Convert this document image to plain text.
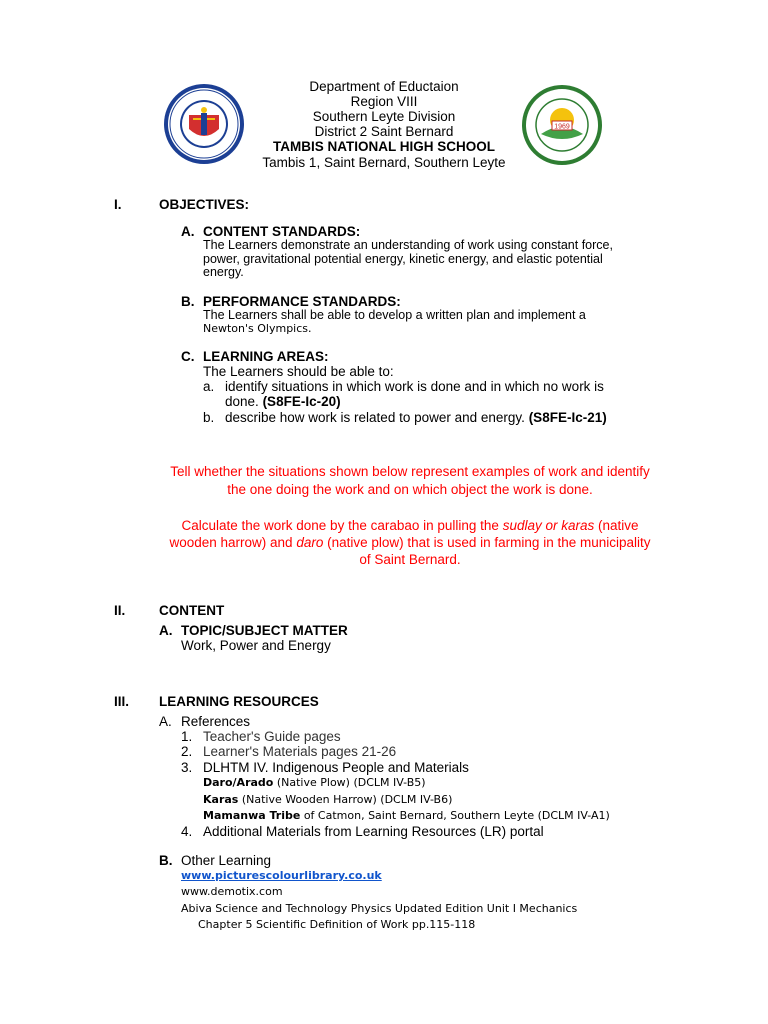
1969
Department of Eductaion
Region VIII
Southern Leyte Division
District 2 Saint Bernard
TAMBIS NATIONAL HIGH SCHOOL
Tambis 1, Saint Bernard, Southern Leyte
I.	OBJECTIVES:
A. CONTENT STANDARDS:
The Learners demonstrate an understanding of work using constant force,
power, gravitational potential energy, kinetic energy, and elastic potential
energy.
B. PERFORMANCE STANDARDS:
The Learners shall be able to develop a written plan and implement a
Newton's Olympics.
C. LEARNING AREAS:
The Learners should be able to:
a. identify situations in which work is done and in which no work is
done. (S8FE-Ic-20)
b. describe how work is related to power and energy. (S8FE-Ic-21)
Tell whether the situations shown below represent examples of work and identify
the one doing the work and on which object the work is done.
Calculate the work done by the carabao in pulling the sudlay or karas (native
wooden harrow) and daro (native plow) that is used in farming in the municipality
of Saint Bernard.
II. CONTENT
A. TOPIC/SUBJECT MATTER
Work, Power and Energy
III. LEARNING RESOURCES
A. References
1. Teacher's Guide pages
2. Learner's Materials pages 21-26
3. DLHTM IV. Indigenous People and Materials
Daro/Arado (Native Plow) (DCLM IV-B5)
Karas (Native Wooden Harrow) (DCLM IV-B6)
Mamanwa Tribe of Catmon, Saint Bernard, Southern Leyte (DCLM IV-A1)
4. Additional Materials from Learning Resources (LR) portal
B. Other Learning
www.picturescolourlibrary.co.uk
www.demotix.com
Abiva Science and Technology Physics Updated Edition Unit I Mechanics
Chapter 5 Scientific Definition of Work pp.115-118
